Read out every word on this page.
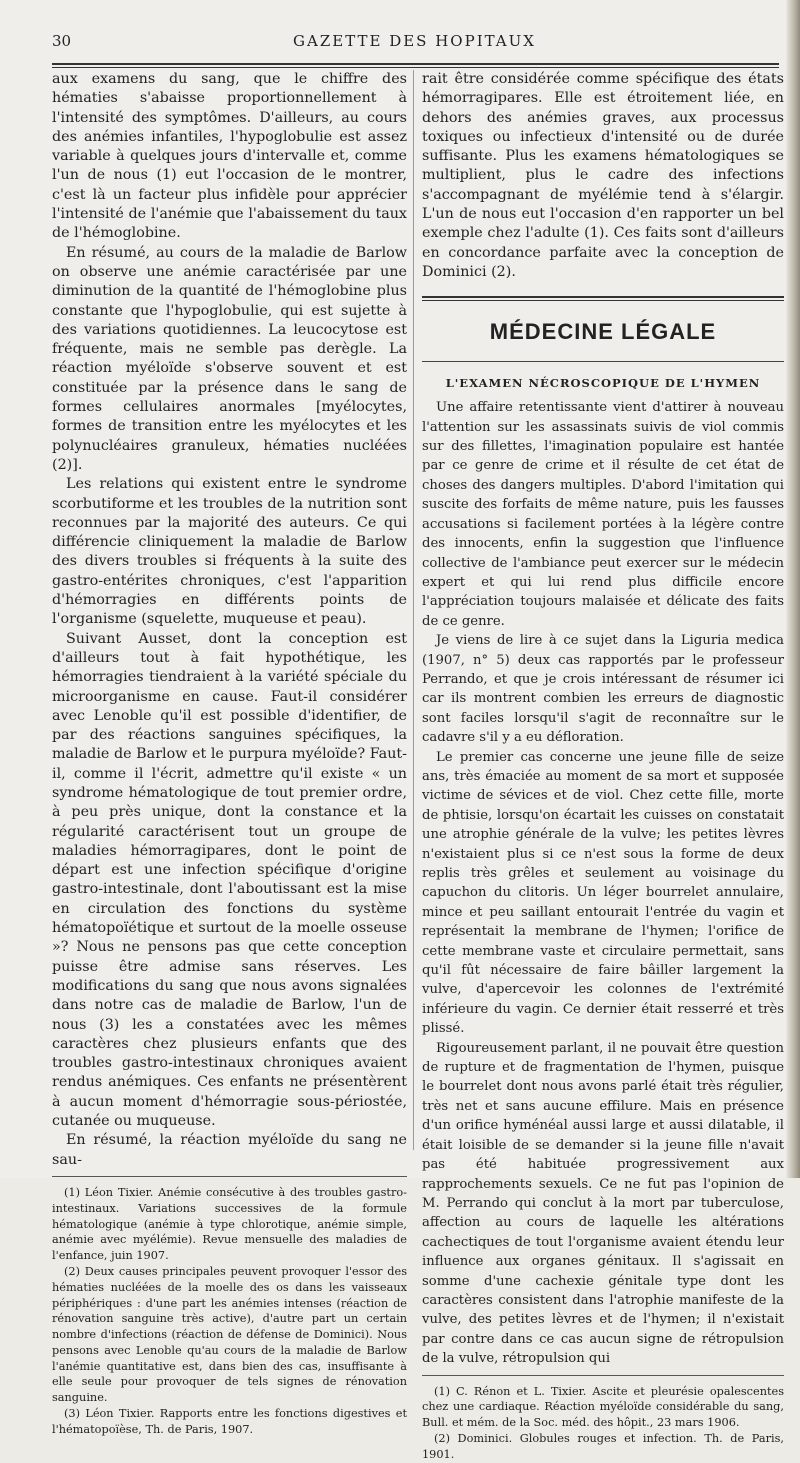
30	GAZETTE DES HOPITAUX

aux examens du sang, que le chiffre des hématies s'abaisse proportionnellement à l'intensité des symptômes. D'ailleurs, au cours des anémies infantiles, l'hypoglobulie est assez variable à quelques jours d'intervalle et, comme l'un de nous (1) eut l'occasion de le montrer, c'est là un facteur plus infidèle pour apprécier l'intensité de l'anémie que l'abaissement du taux de l'hémoglobine.

En résumé, au cours de la maladie de Barlow on observe une anémie caractérisée par une diminution de la quantité de l'hémoglobine plus constante que l'hypoglobulie, qui est sujette à des variations quotidiennes. La leucocytose est fréquente, mais ne semble pas derègle. La réaction myéloïde s'observe souvent et est constituée par la présence dans le sang de formes cellulaires anormales [myélocytes, formes de transition entre les myélocytes et les polynucléaires granuleux, hématies nucléées (2)].

Les relations qui existent entre le syndrome scorbutiforme et les troubles de la nutrition sont reconnues par la majorité des auteurs. Ce qui différencie cliniquement la maladie de Barlow des divers troubles si fréquents à la suite des gastro-entérites chroniques, c'est l'apparition d'hémorragies en différents points de l'organisme (squelette, muqueuse et peau).

Suivant Ausset, dont la conception est d'ailleurs tout à fait hypothétique, les hémorragies tiendraient à la variété spéciale du microorganisme en cause. Faut-il considérer avec Lenoble qu'il est possible d'identifier, de par des réactions sanguines spécifiques, la maladie de Barlow et le purpura myéloïde? Faut-il, comme il l'écrit, admettre qu'il existe « un syndrome hématologique de tout premier ordre, à peu près unique, dont la constance et la régularité caractérisent tout un groupe de maladies hémorragipares, dont le point de départ est une infection spécifique d'origine gastro-intestinale, dont l'aboutissant est la mise en circulation des fonctions du système hématopoïétique et surtout de la moelle osseuse »? Nous ne pensons pas que cette conception puisse être admise sans réserves. Les modifications du sang que nous avons signalées dans notre cas de maladie de Barlow, l'un de nous (3) les a constatées avec les mêmes caractères chez plusieurs enfants que des troubles gastro-intestinaux chroniques avaient rendus anémiques. Ces enfants ne présentèrent à aucun moment d'hémorragie sous-périostée, cutanée ou muqueuse.

En résumé, la réaction myéloïde du sang ne sau-

(1) Léon Tixier. Anémie consécutive à des troubles gastro-intestinaux. Variations successives de la formule hématologique (anémie à type chlorotique, anémie simple, anémie avec myélémie). Revue mensuelle des maladies de l'enfance, juin 1907.

(2) Deux causes principales peuvent provoquer l'essor des hématies nucléées de la moelle des os dans les vaisseaux périphériques : d'une part les anémies intenses (réaction de rénovation sanguine très active), d'autre part un certain nombre d'infections (réaction de défense de Dominici). Nous pensons avec Lenoble qu'au cours de la maladie de Barlow l'anémie quantitative est, dans bien des cas, insuffisante à elle seule pour provoquer de tels signes de rénovation sanguine.

(3) Léon Tixier. Rapports entre les fonctions digestives et l'hématopoïèse, Th. de Paris, 1907.

rait être considérée comme spécifique des états hémorragipares. Elle est étroitement liée, en dehors des anémies graves, aux processus toxiques ou infectieux d'intensité ou de durée suffisante. Plus les examens hématologiques se multiplient, plus le cadre des infections s'accompagnant de myélémie tend à s'élargir. L'un de nous eut l'occasion d'en rapporter un bel exemple chez l'adulte (1). Ces faits sont d'ailleurs en concordance parfaite avec la conception de Dominici (2).

MÉDECINE LÉGALE
L'EXAMEN NÉCROSCOPIQUE DE L'HYMEN

Une affaire retentissante vient d'attirer à nouveau l'attention sur les assassinats suivis de viol commis sur des fillettes, l'imagination populaire est hantée par ce genre de crime et il résulte de cet état de choses des dangers multiples. D'abord l'imitation qui suscite des forfaits de même nature, puis les fausses accusations si facilement portées à la légère contre des innocents, enfin la suggestion que l'influence collective de l'ambiance peut exercer sur le médecin expert et qui lui rend plus difficile encore l'appréciation toujours malaisée et délicate des faits de ce genre.

Je viens de lire à ce sujet dans la Liguria medica (1907, n° 5) deux cas rapportés par le professeur Perrando, et que je crois intéressant de résumer ici car ils montrent combien les erreurs de diagnostic sont faciles lorsqu'il s'agit de reconnaître sur le cadavre s'il y a eu défloration.

Le premier cas concerne une jeune fille de seize ans, très émaciée au moment de sa mort et supposée victime de sévices et de viol. Chez cette fille, morte de phtisie, lorsqu'on écartait les cuisses on constatait une atrophie générale de la vulve; les petites lèvres n'existaient plus si ce n'est sous la forme de deux replis très grêles et seulement au voisinage du capuchon du clitoris. Un léger bourrelet annulaire, mince et peu saillant entourait l'entrée du vagin et représentait la membrane de l'hymen; l'orifice de cette membrane vaste et circulaire permettait, sans qu'il fût nécessaire de faire bâiller largement la vulve, d'apercevoir les colonnes de l'extrémité inférieure du vagin. Ce dernier était resserré et très plissé.

Rigoureusement parlant, il ne pouvait être question de rupture et de fragmentation de l'hymen, puisque le bourrelet dont nous avons parlé était très régulier, très net et sans aucune effilure. Mais en présence d'un orifice hyménéal aussi large et aussi dilatable, il était loisible de se demander si la jeune fille n'avait pas été habituée progressivement aux rapprochements sexuels. Ce ne fut pas l'opinion de M. Perrando qui conclut à la mort par tuberculose, affection au cours de laquelle les altérations cachectiques de tout l'organisme avaient étendu leur influence aux organes génitaux. Il s'agissait en somme d'une cachexie génitale type dont les caractères consistent dans l'atrophie manifeste de la vulve, des petites lèvres et de l'hymen; il n'existait par contre dans ce cas aucun signe de rétropulsion de la vulve, rétropulsion qui

(1) C. Rénon et L. Tixier. Ascite et pleurésie opalescentes chez une cardiaque. Réaction myéloïde considérable du sang, Bull. et mém. de la Soc. méd. des hôpit., 23 mars 1906.

(2) Dominici. Globules rouges et infection. Th. de Paris, 1901.
